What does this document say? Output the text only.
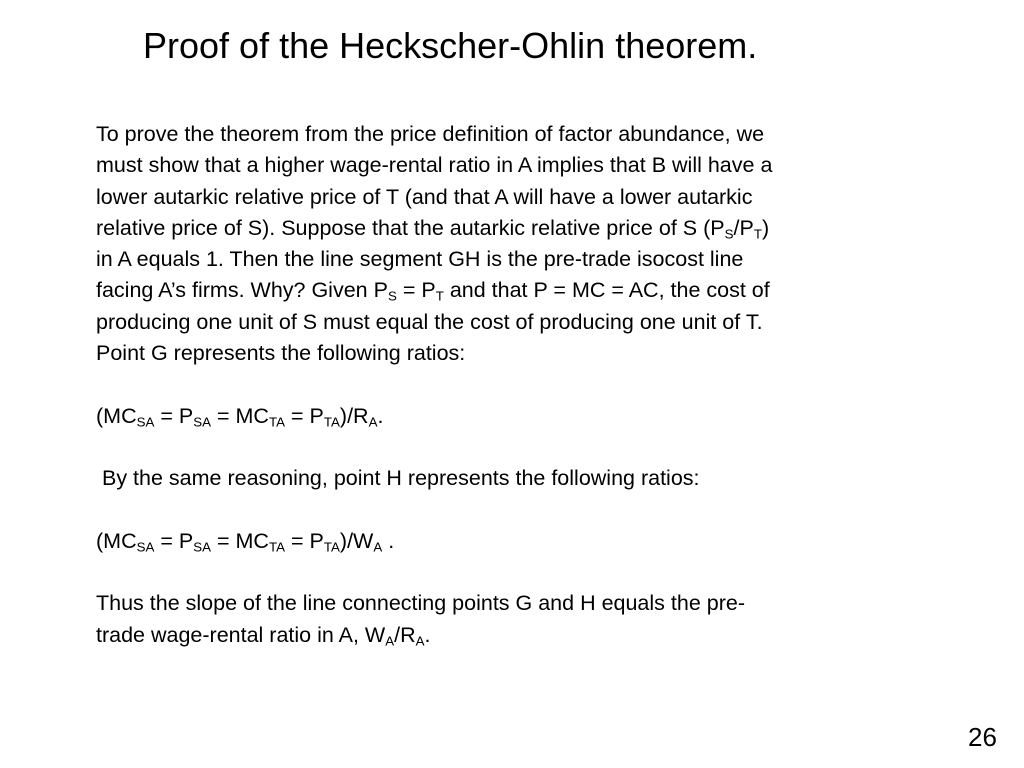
Proof of the Heckscher-Ohlin theorem.
To prove the theorem from the price definition of factor abundance, we
must show that a higher wage-rental ratio in A implies that B will have a
lower autarkic relative price of T (and that A will have a lower autarkic
relative price of S). Suppose that the autarkic relative price of S $(P_S/P_T)$
in A equals 1. Then the line segment GH is the pre-trade isocost line
facing A’s firms. Why? Given $P_S = P_T$ and that P = MC = AC, the cost of
producing one unit of S must equal the cost of producing one unit of T.
Point G represents the following ratios:
$(MC_{SA} = P_{SA} = MC_{TA} = P_{TA})/R_A$.
By the same reasoning, point H represents the following ratios:
$(MC_{SA} = P_{SA} = MC_{TA} = P_{TA})/W_A$ .
Thus the slope of the line connecting points G and H equals the pre-
trade wage-rental ratio in A, $W_A/R_A$.
26
